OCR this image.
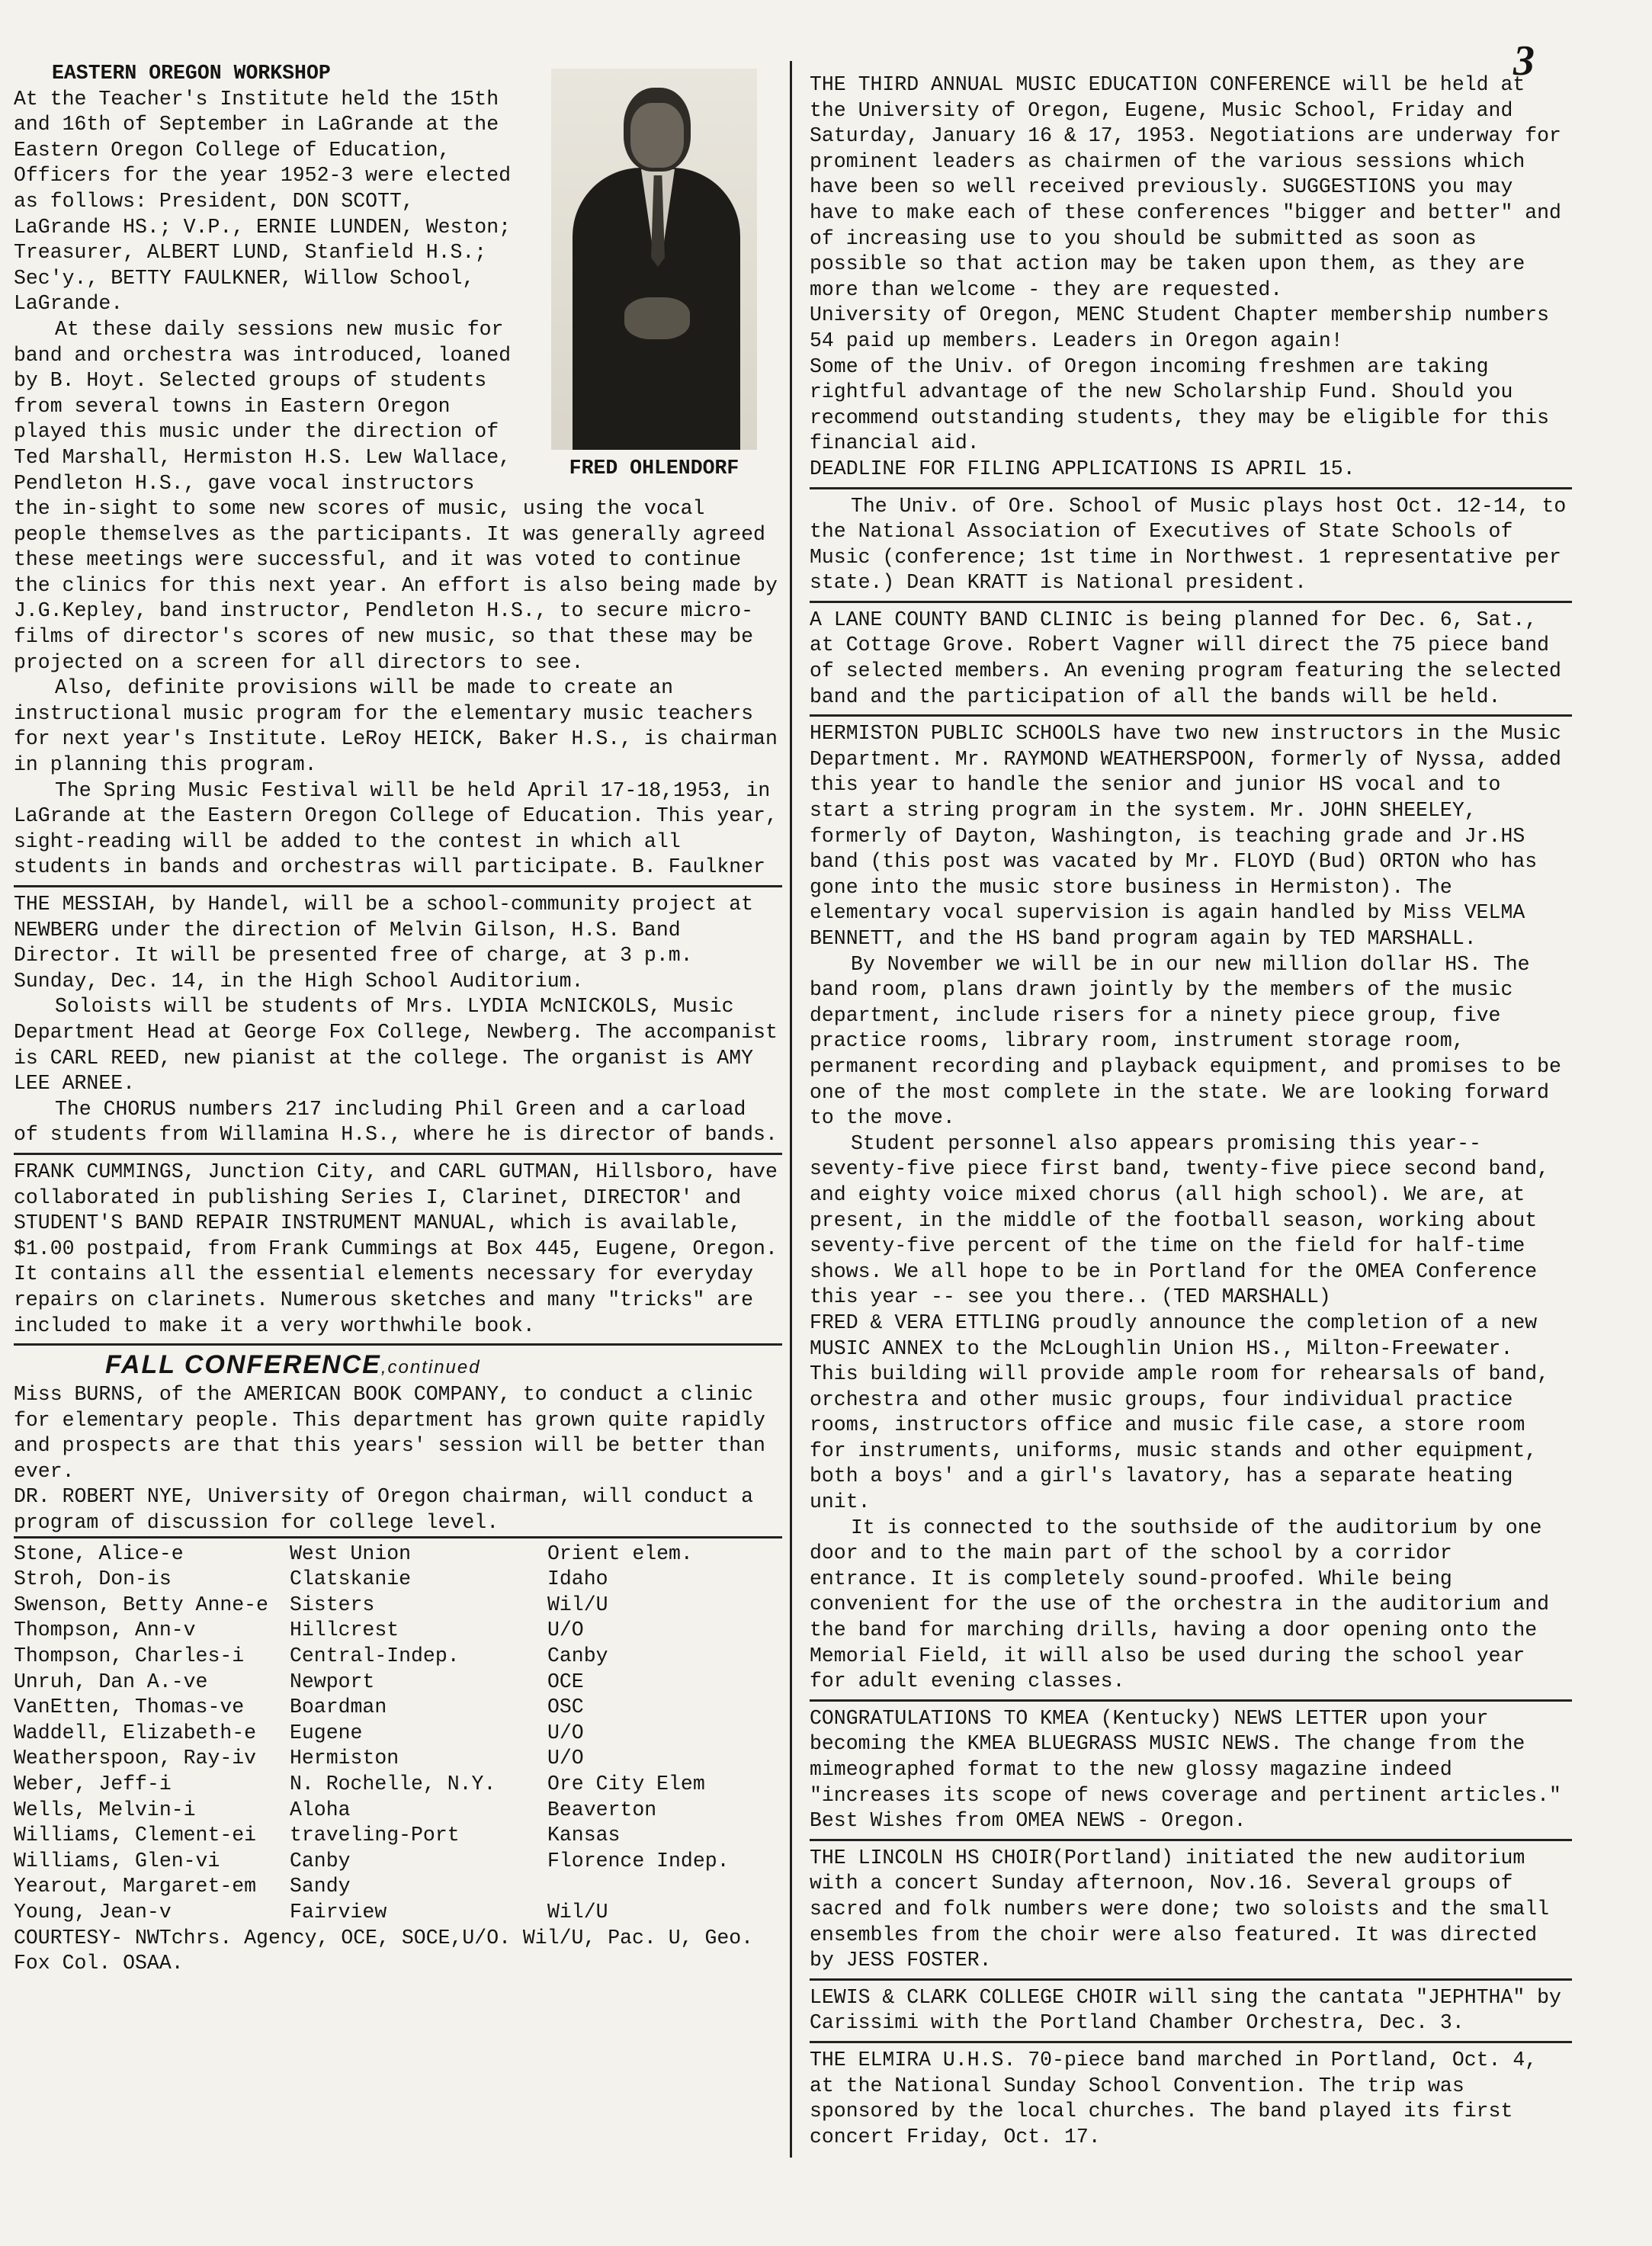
3
FRED OHLENDORF

EASTERN OREGON WORKSHOP

At the Teacher's Institute held the 15th and 16th of September in LaGrande at the Eastern Oregon College of Education, Officers for the year 1952-3 were elected as follows: President, DON SCOTT, LaGrande HS.; V.P., ERNIE LUNDEN, Weston; Treasurer, ALBERT LUND, Stanfield H.S.; Sec'y., BETTY FAULKNER, Willow School, LaGrande.

At these daily sessions new music for band and orchestra was introduced, loaned by B. Hoyt. Selected groups of students from several towns in Eastern Oregon played this music under the direction of Ted Marshall, Hermiston H.S. Lew Wallace, Pendleton H.S., gave vocal instructors the in-sight to some new scores of music, using the vocal people themselves as the participants. It was generally agreed these meetings were successful, and it was voted to continue the clinics for this next year. An effort is also being made by J.G.Kepley, band instructor, Pendleton H.S., to secure micro-films of director's scores of new music, so that these may be projected on a screen for all directors to see.

Also, definite provisions will be made to create an instructional music program for the elementary music teachers for next year's Institute. LeRoy HEICK, Baker H.S., is chairman in planning this program.

The Spring Music Festival will be held April 17-18,1953, in LaGrande at the Eastern Oregon College of Education. This year, sight-reading will be added to the contest in which all students in bands and orchestras will participate. B. Faulkner

THE MESSIAH, by Handel, will be a school-community project at NEWBERG under the direction of Melvin Gilson, H.S. Band Director. It will be presented free of charge, at 3 p.m. Sunday, Dec. 14, in the High School Auditorium.

Soloists will be students of Mrs. LYDIA McNICKOLS, Music Department Head at George Fox College, Newberg. The accompanist is CARL REED, new pianist at the college. The organist is AMY LEE ARNEE.

The CHORUS numbers 217 including Phil Green and a carload of students from Willamina H.S., where he is director of bands.

FRANK CUMMINGS, Junction City, and CARL GUTMAN, Hillsboro, have collaborated in publishing Series I, Clarinet, DIRECTOR' and STUDENT'S BAND REPAIR INSTRUMENT MANUAL, which is available, $1.00 postpaid, from Frank Cummings at Box 445, Eugene, Oregon. It contains all the essential elements necessary for everyday repairs on clarinets. Numerous sketches and many "tricks" are included to make it a very worthwhile book.

FALL CONFERENCE,continued

Miss BURNS, of the AMERICAN BOOK COMPANY, to conduct a clinic for elementary people. This department has grown quite rapidly and prospects are that this years' session will be better than ever.

DR. ROBERT NYE, University of Oregon chairman, will conduct a program of discussion for college level.

Stone, Alice-e	West Union	Orient elem.
Stroh, Don-is	Clatskanie	Idaho
Swenson, Betty Anne-e	Sisters	Wil/U
Thompson, Ann-v	Hillcrest	U/O
Thompson, Charles-i	Central-Indep.	Canby
Unruh, Dan A.-ve	Newport	OCE
VanEtten, Thomas-ve	Boardman	OSC
Waddell, Elizabeth-e	Eugene	U/O
Weatherspoon, Ray-iv	Hermiston	U/O
Weber, Jeff-i	N. Rochelle, N.Y.	Ore City Elem
Wells, Melvin-i	Aloha	Beaverton
Williams, Clement-ei	traveling-Port	Kansas
Williams, Glen-vi	Canby	Florence Indep.
Yearout, Margaret-em	Sandy	
Young, Jean-v	Fairview	Wil/U

COURTESY- NWTchrs. Agency, OCE, SOCE,U/O. Wil/U, Pac. U, Geo. Fox Col. OSAA.

THE THIRD ANNUAL MUSIC EDUCATION CONFERENCE will be held at the University of Oregon, Eugene, Music School, Friday and Saturday, January 16 & 17, 1953. Negotiations are underway for prominent leaders as chairmen of the various sessions which have been so well received previously. SUGGESTIONS you may have to make each of these conferences "bigger and better" and of increasing use to you should be submitted as soon as possible so that action may be taken upon them, as they are more than welcome - they are requested.

University of Oregon, MENC Student Chapter membership numbers 54 paid up members. Leaders in Oregon again!

Some of the Univ. of Oregon incoming freshmen are taking rightful advantage of the new Scholarship Fund. Should you recommend outstanding students, they may be eligible for this financial aid.

DEADLINE FOR FILING APPLICATIONS IS APRIL 15.

The Univ. of Ore. School of Music plays host Oct. 12-14, to the National Association of Executives of State Schools of Music (conference; 1st time in Northwest. 1 representative per state.) Dean KRATT is National president.

A LANE COUNTY BAND CLINIC is being planned for Dec. 6, Sat., at Cottage Grove. Robert Vagner will direct the 75 piece band of selected members. An evening program featuring the selected band and the participation of all the bands will be held.

HERMISTON PUBLIC SCHOOLS have two new instructors in the Music Department. Mr. RAYMOND WEATHERSPOON, formerly of Nyssa, added this year to handle the senior and junior HS vocal and to start a string program in the system. Mr. JOHN SHEELEY, formerly of Dayton, Washington, is teaching grade and Jr.HS band (this post was vacated by Mr. FLOYD (Bud) ORTON who has gone into the music store business in Hermiston). The elementary vocal supervision is again handled by Miss VELMA BENNETT, and the HS band program again by TED MARSHALL.

By November we will be in our new million dollar HS. The band room, plans drawn jointly by the members of the music department, include risers for a ninety piece group, five practice rooms, library room, instrument storage room, permanent recording and playback equipment, and promises to be one of the most complete in the state. We are looking forward to the move.

Student personnel also appears promising this year-- seventy-five piece first band, twenty-five piece second band, and eighty voice mixed chorus (all high school). We are, at present, in the middle of the football season, working about seventy-five percent of the time on the field for half-time shows. We all hope to be in Portland for the OMEA Conference this year -- see you there.. (TED MARSHALL)

FRED & VERA ETTLING proudly announce the completion of a new MUSIC ANNEX to the McLoughlin Union HS., Milton-Freewater. This building will provide ample room for rehearsals of band, orchestra and other music groups, four individual practice rooms, instructors office and music file case, a store room for instruments, uniforms, music stands and other equipment, both a boys' and a girl's lavatory, has a separate heating unit.

It is connected to the southside of the auditorium by one door and to the main part of the school by a corridor entrance. It is completely sound-proofed. While being convenient for the use of the orchestra in the auditorium and the band for marching drills, having a door opening onto the Memorial Field, it will also be used during the school year for adult evening classes.

CONGRATULATIONS TO KMEA (Kentucky) NEWS LETTER upon your becoming the KMEA BLUEGRASS MUSIC NEWS. The change from the mimeographed format to the new glossy magazine indeed "increases its scope of news coverage and pertinent articles." Best Wishes from OMEA NEWS - Oregon.

THE LINCOLN HS CHOIR(Portland) initiated the new auditorium with a concert Sunday afternoon, Nov.16. Several groups of sacred and folk numbers were done; two soloists and the small ensembles from the choir were also featured. It was directed by JESS FOSTER.

LEWIS & CLARK COLLEGE CHOIR will sing the cantata "JEPHTHA" by Carissimi with the Portland Chamber Orchestra, Dec. 3.

THE ELMIRA U.H.S. 70-piece band marched in Portland, Oct. 4, at the National Sunday School Convention. The trip was sponsored by the local churches. The band played its first concert Friday, Oct. 17.
